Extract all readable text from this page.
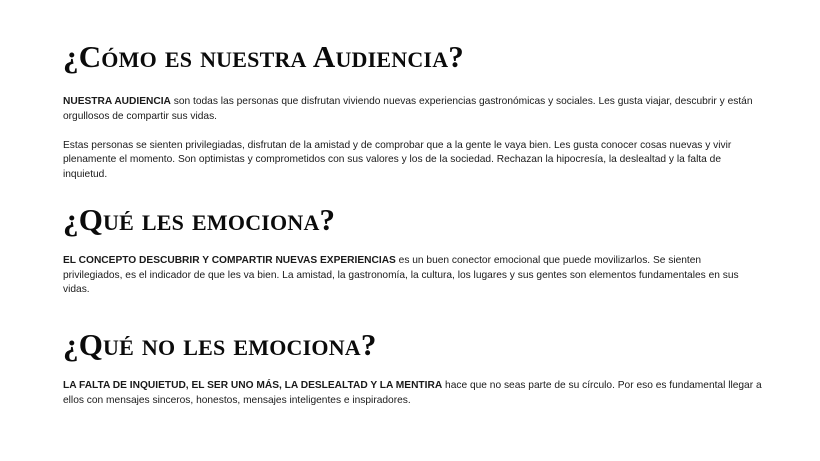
¿Cómo es nuestra Audiencia?

NUESTRA AUDIENCIA son todas las personas que disfrutan viviendo nuevas experiencias gastronómicas y sociales. Les gusta viajar, descubrir y están orgullosos de compartir sus vidas.

Estas personas se sienten privilegiadas, disfrutan de la amistad y de comprobar que a la gente le vaya bien. Les gusta conocer cosas nuevas y vivir plenamente el momento. Son optimistas y comprometidos con sus valores y los de la sociedad. Rechazan la hipocresía, la deslealtad y la falta de inquietud.

¿Qué les emociona?

EL CONCEPTO DESCUBRIR Y COMPARTIR NUEVAS EXPERIENCIAS es un buen conector emocional que puede movilizarlos. Se sienten privilegiados, es el indicador de que les va bien. La amistad, la gastronomía, la cultura, los lugares y sus gentes son elementos fundamentales en sus vidas.

¿Qué no les emociona?

LA FALTA DE INQUIETUD, EL SER UNO MÁS, LA DESLEALTAD Y LA MENTIRA hace que no seas parte de su círculo. Por eso es fundamental llegar a ellos con mensajes sinceros, honestos, mensajes inteligentes e inspiradores.
